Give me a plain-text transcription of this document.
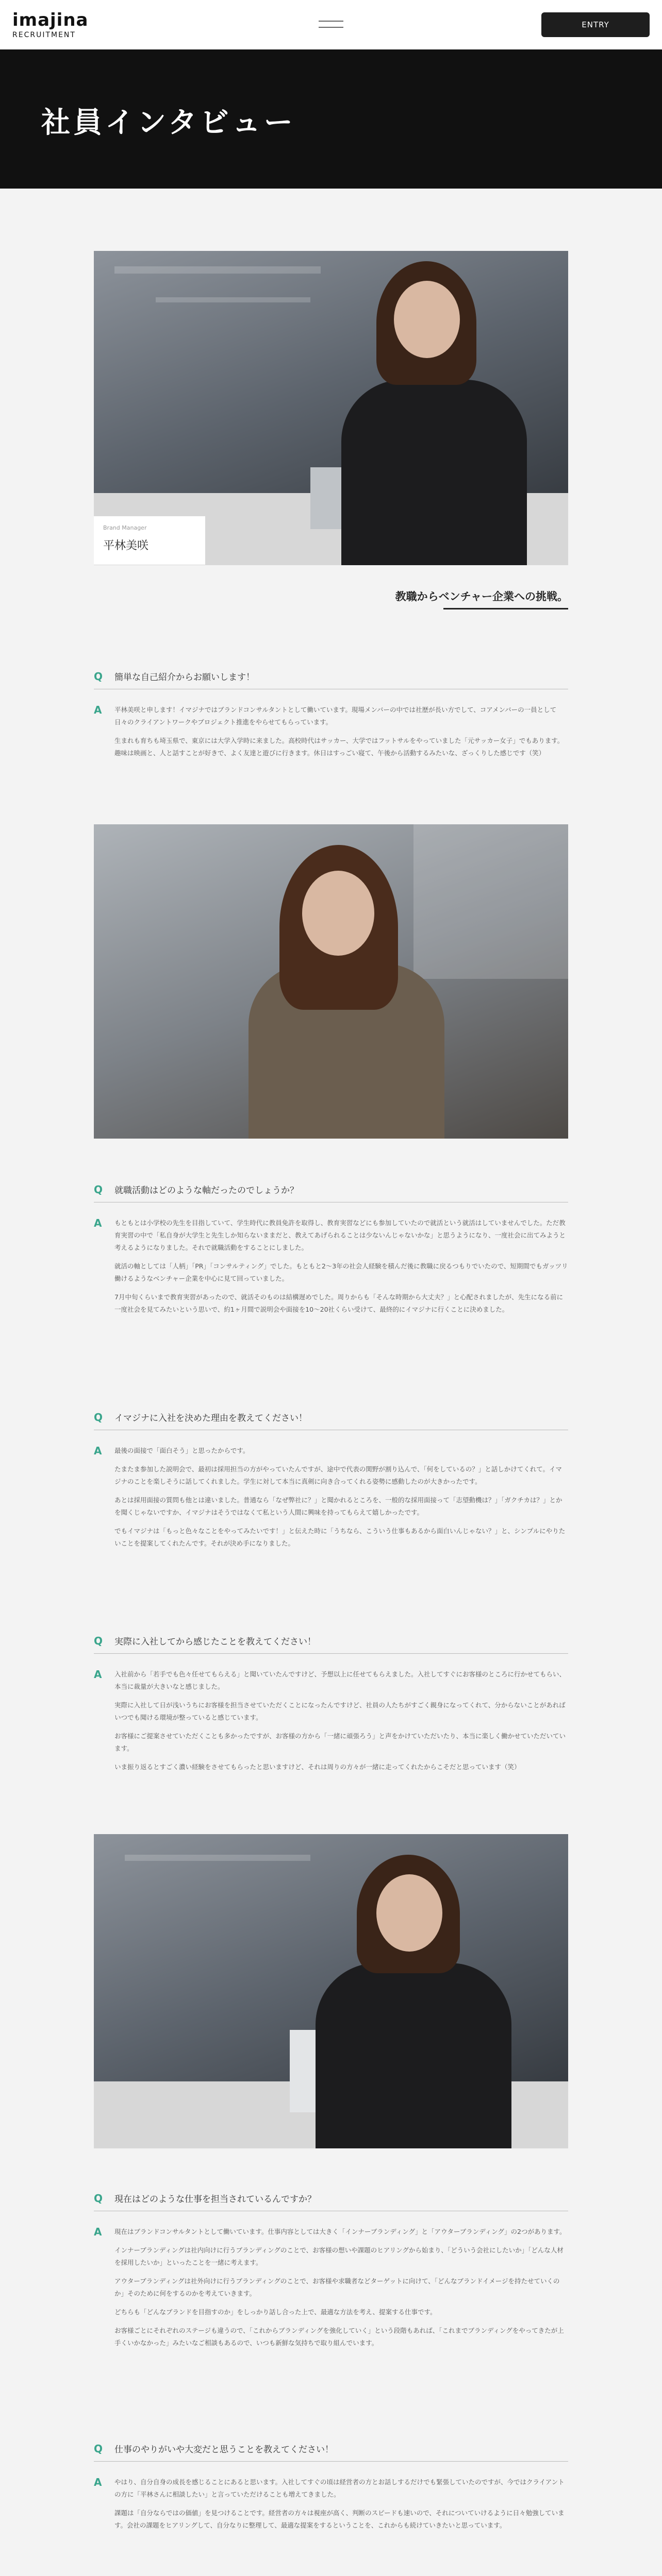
imajina
RECRUITMENT
ENTRY
社員インタビュー
Brand Manager
平林美咲
教職からベンチャー企業への挑戦。
Q	簡単な自己紹介からお願いします！
A	平林美咲と申します！イマジナではブランドコンサルタントとして働いています。現場メンバーの中では社歴が長い方でして、コアメンバーの一員として日々のクライアントワークやブロジェクト推進をやらせてもらっています。

生まれも育ちも埼玉県で、東京には大学入学時に来ました。高校時代はサッカー、大学ではフットサルをやっていました「元サッカー女子」でもあります。趣味は映画と、人と話すことが好きで、よく友達と遊びに行きます。休日はすっごい寝て、午後から活動するみたいな、ざっくりした感じです（笑）

Q	就職活動はどのような軸だったのでしょうか？
A	もともとは小学校の先生を目指していて、学生時代に教員免許を取得し、教育実習などにも参加していたので就活という就活はしていませんでした。ただ教育実習の中で「私自身が大学生と先生しか知らないままだと、教えてあげられることは少ないんじゃないかな」と思うようになり、一度社会に出てみようと考えるようになりました。それで就職活動をすることにしました。

就活の軸としては「人柄」「PR」「コンサルティング」でした。もともと2〜3年の社会人経験を積んだ後に教職に戻るつもりでいたので、短期間でもガッツリ働けるようなベンチャー企業を中心に見て回っていました。

7月中旬くらいまで教育実習があったので、就活そのものは結構遅めでした。周りからも「そんな時期から大丈夫？」と心配されましたが、先生になる前に一度社会を見てみたいという思いで、約1ヶ月間で説明会や面接を10〜20社くらい受けて、最終的にイマジナに行くことに決めました。

Q	イマジナに入社を決めた理由を教えてください！
A	最後の面接で「面白そう」と思ったからです。

たまたま参加した説明会で、最初は採用担当の方がやっていたんですが、途中で代表の関野が割り込んで、「何をしているの？」と話しかけてくれて。イマジナのことを楽しそうに話してくれました。学生に対して本当に真剣に向き合ってくれる姿勢に感動したのが大きかったです。

あとは採用面接の質問も他とは違いました。普通なら「なぜ弊社に？」と聞かれるところを、一般的な採用面接って「志望動機は？」「ガクチカは？」とかを聞くじゃないですか、イマジナはそうではなくて私という人間に興味を持ってもらえて嬉しかったです。

でもイマジナは「もっと色々なことをやってみたいです！」と伝えた時に「うちなら、こういう仕事もあるから面白いんじゃない？」と、シンプルにやりたいことを提案してくれたんです。それが決め手になりました。

Q	実際に入社してから感じたことを教えてください！
A	入社前から「若手でも色々任せてもらえる」と聞いていたんですけど、予想以上に任せてもらえました。入社してすぐにお客様のところに行かせてもらい、本当に裁量が大きいなと感じました。

実際に入社して日が浅いうちにお客様を担当させていただくことになったんですけど、社員の人たちがすごく親身になってくれて、分からないことがあればいつでも聞ける環境が整っていると感じています。

お客様にご提案させていただくことも多かったですが、お客様の方から「一緒に頑張ろう」と声をかけていただいたり、本当に楽しく働かせていただいています。

いま振り返るとすごく濃い経験をさせてもらったと思いますけど、それは周りの方々が一緒に走ってくれたからこそだと思っています（笑）

Q	現在はどのような仕事を担当されているんですか？
A	現在はブランドコンサルタントとして働いています。仕事内容としては大きく「インナーブランディング」と「アウターブランディング」の2つがあります。

インナーブランディングは社内向けに行うブランディングのことで、お客様の想いや課題のヒアリングから始まり、「どういう会社にしたいか」「どんな人材を採用したいか」といったことを一緒に考えます。

アウターブランディングは社外向けに行うブランディングのことで、お客様や求職者などターゲットに向けて、「どんなブランドイメージを持たせていくのか」そのために何をするのかを考えていきます。

どちらも「どんなブランドを目指すのか」をしっかり話し合った上で、最適な方法を考え、提案する仕事です。

お客様ごとにそれぞれのステージも違うので、「これからブランディングを強化していく」という段階もあれば、「これまでブランディングをやってきたが上手くいかなかった」みたいなご相談もあるので、いつも新鮮な気持ちで取り組んでいます。

Q	仕事のやりがいや大変だと思うことを教えてください！
A	やはり、自分自身の成長を感じることにあると思います。入社してすぐの頃は経営者の方とお話しするだけでも緊張していたのですが、今ではクライアントの方に「平林さんに相談したい」と言っていただけることも増えてきました。

課題は「自分ならではの価値」を見つけることです。経営者の方々は視座が高く、判断のスピードも速いので、それについていけるように日々勉強しています。会社の課題をヒアリングして、自分なりに整理して、最適な提案をするということを、これからも続けていきたいと思っています。
